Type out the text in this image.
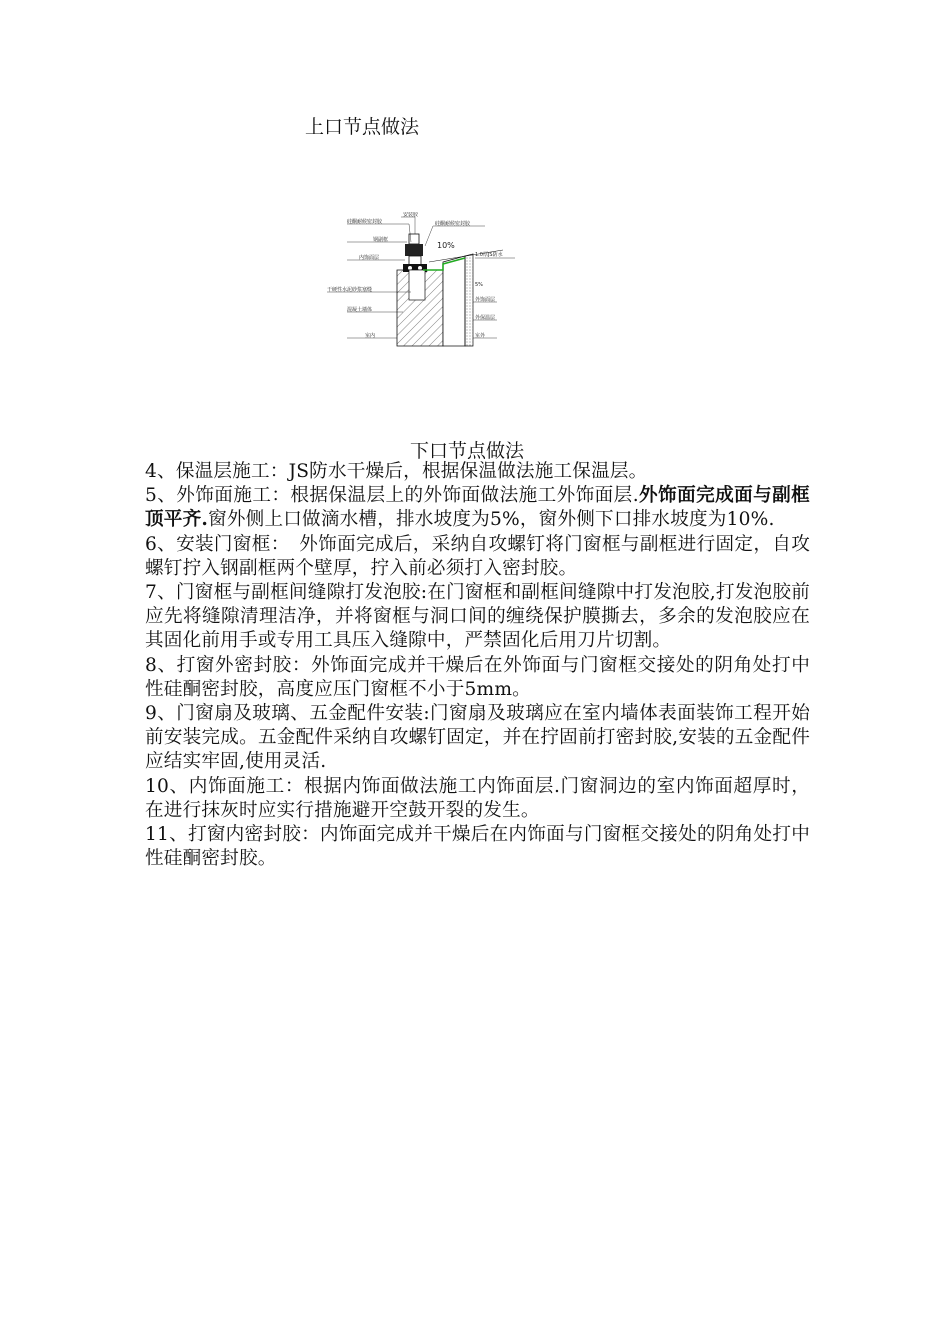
上口节点做法
安装胶
硅酮耐候密封胶	硅酮耐候密封胶
钢副框
10%
内饰面层	1.0厚JS防水
干硬性水泥砂浆塞缝
5%
外饰面层
混凝土墙体
外保温层
室内	室外
下口节点做法

4、保温层施工：JS防水干燥后，根据保温做法施工保温层。

5、外饰面施工：根据保温层上的外饰面做法施工外饰面层.外饰面完成面与副框顶平齐.窗外侧上口做滴水槽，排水坡度为5%，窗外侧下口排水坡度为10%.

6、安装门窗框：　外饰面完成后，采纳自攻螺钉将门窗框与副框进行固定，自攻螺钉拧入钢副框两个壁厚，拧入前必须打入密封胶。

7、门窗框与副框间缝隙打发泡胶:在门窗框和副框间缝隙中打发泡胶,打发泡胶前应先将缝隙清理洁净，并将窗框与洞口间的缠绕保护膜撕去，多余的发泡胶应在其固化前用手或专用工具压入缝隙中，严禁固化后用刀片切割。

8、打窗外密封胶：外饰面完成并干燥后在外饰面与门窗框交接处的阴角处打中性硅酮密封胶，高度应压门窗框不小于5mm。

9、门窗扇及玻璃、五金配件安装:门窗扇及玻璃应在室内墙体表面装饰工程开始前安装完成。五金配件采纳自攻螺钉固定，并在拧固前打密封胶,安装的五金配件应结实牢固,使用灵活.

10、内饰面施工：根据内饰面做法施工内饰面层.门窗洞边的室内饰面超厚时，在进行抹灰时应实行措施避开空鼓开裂的发生。

11、打窗内密封胶：内饰面完成并干燥后在内饰面与门窗框交接处的阴角处打中性硅酮密封胶。
